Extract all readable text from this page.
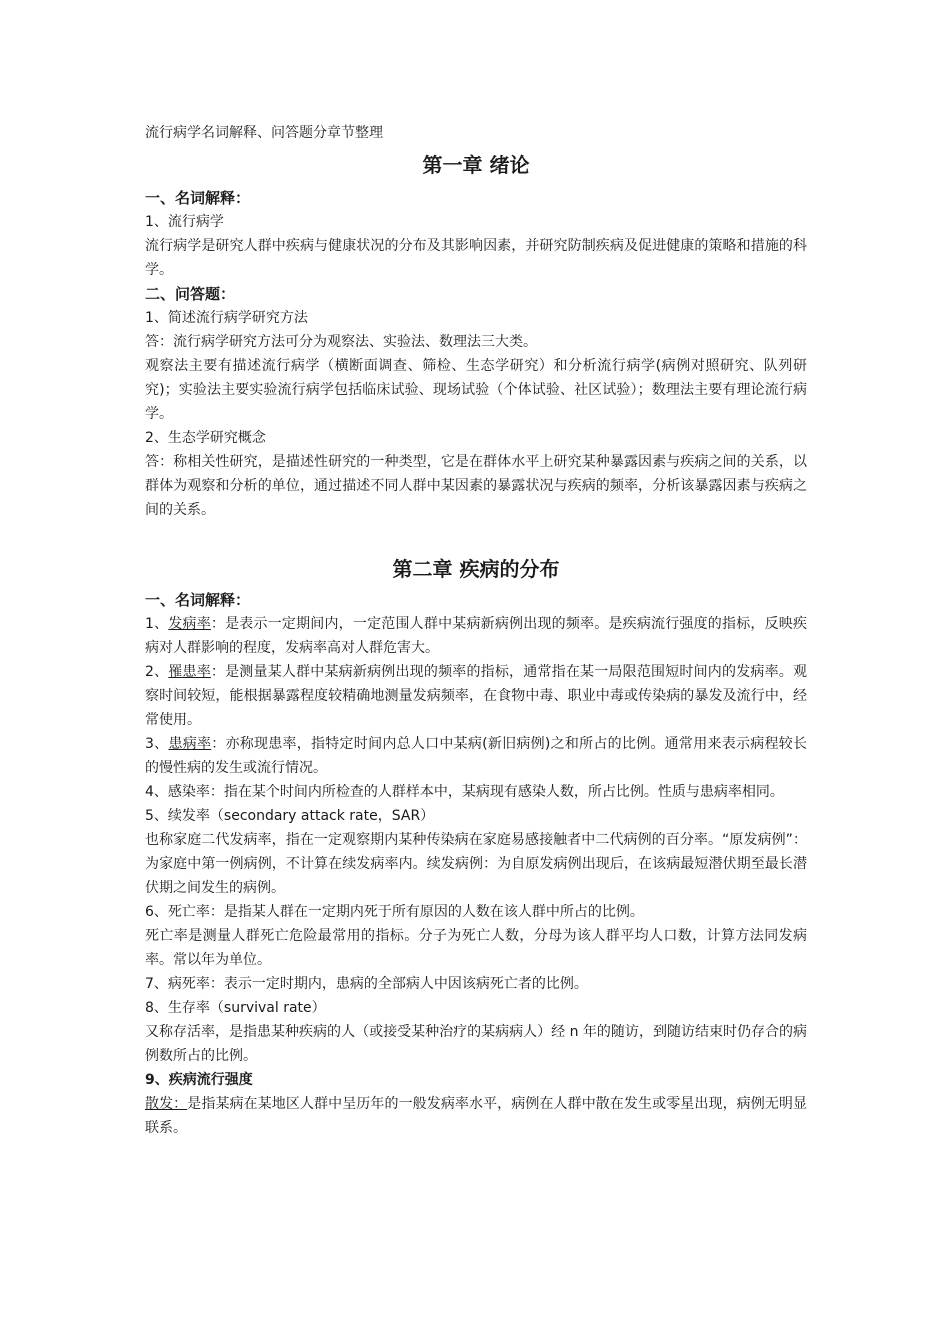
流行病学名词解释、问答题分章节整理

第一章 绪论

一、名词解释：

1、流行病学

流行病学是研究人群中疾病与健康状况的分布及其影响因素，并研究防制疾病及促进健康的策略和措施的科学。

二、问答题：

1、简述流行病学研究方法

答：流行病学研究方法可分为观察法、实验法、数理法三大类。

观察法主要有描述流行病学（横断面调查、筛检、生态学研究）和分析流行病学(病例对照研究、队列研究)；实验法主要实验流行病学包括临床试验、现场试验（个体试验、社区试验）；数理法主要有理论流行病学。

2、生态学研究概念

答：称相关性研究，是描述性研究的一种类型，它是在群体水平上研究某种暴露因素与疾病之间的关系，以群体为观察和分析的单位，通过描述不同人群中某因素的暴露状况与疾病的频率，分析该暴露因素与疾病之间的关系。

第二章 疾病的分布

一、名词解释：

1、发病率：是表示一定期间内，一定范围人群中某病新病例出现的频率。是疾病流行强度的指标，反映疾病对人群影响的程度，发病率高对人群危害大。

2、罹患率：是测量某人群中某病新病例出现的频率的指标，通常指在某一局限范围短时间内的发病率。观察时间较短，能根据暴露程度较精确地测量发病频率，在食物中毒、职业中毒或传染病的暴发及流行中，经常使用。

3、患病率：亦称现患率，指特定时间内总人口中某病(新旧病例)之和所占的比例。通常用来表示病程较长的慢性病的发生或流行情况。

4、感染率：指在某个时间内所检查的人群样本中，某病现有感染人数，所占比例。性质与患病率相同。

5、续发率（secondary attack rate，SAR）

也称家庭二代发病率，指在一定观察期内某种传染病在家庭易感接触者中二代病例的百分率。“原发病例”：为家庭中第一例病例，不计算在续发病率内。续发病例：为自原发病例出现后，在该病最短潜伏期至最长潜伏期之间发生的病例。

6、死亡率：是指某人群在一定期内死于所有原因的人数在该人群中所占的比例。

死亡率是测量人群死亡危险最常用的指标。分子为死亡人数，分母为该人群平均人口数，计算方法同发病率。常以年为单位。

7、病死率：表示一定时期内，患病的全部病人中因该病死亡者的比例。

8、生存率（survival rate）

又称存活率，是指患某种疾病的人（或接受某种治疗的某病病人）经 n 年的随访，到随访结束时仍存合的病例数所占的比例。

9、疾病流行强度

散发：是指某病在某地区人群中呈历年的一般发病率水平，病例在人群中散在发生或零星出现，病例无明显联系。
